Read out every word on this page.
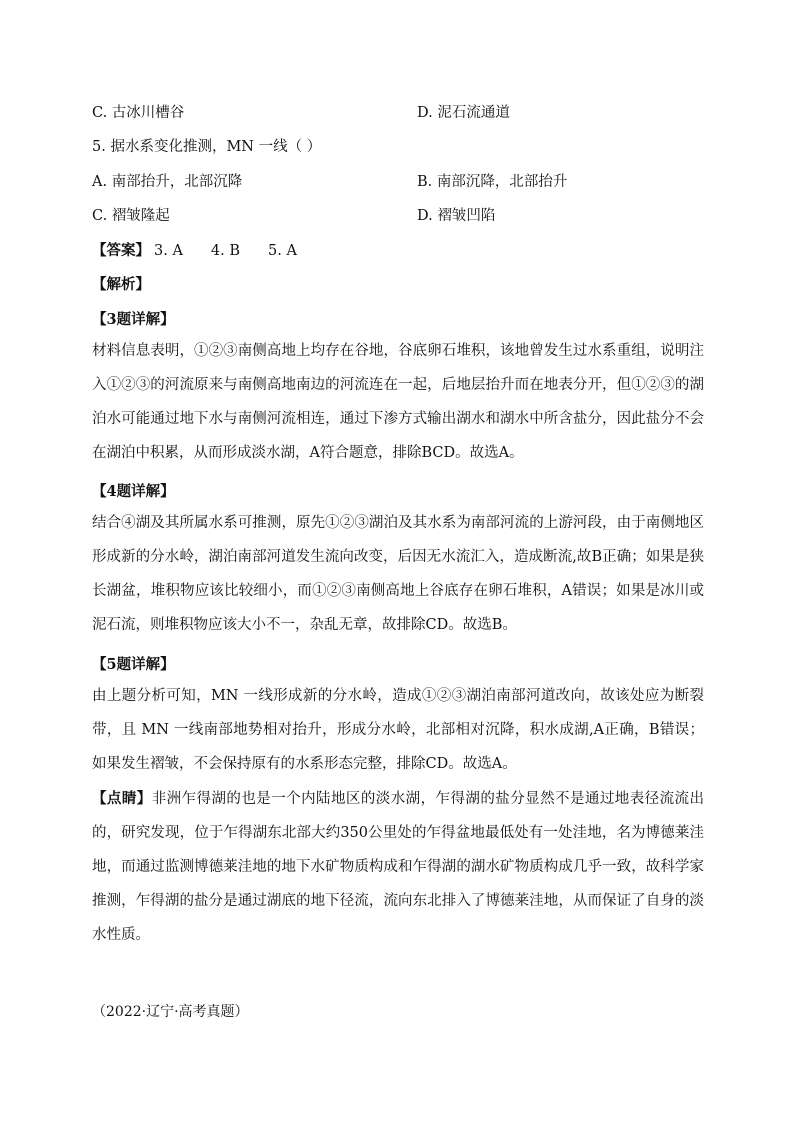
C. 古冰川槽谷	D. 泥石流通道
5. 据水系变化推测，MN 一线（ ）
A. 南部抬升，北部沉降	B. 南部沉降，北部抬升
C. 褶皱隆起	D. 褶皱凹陷
【答案】 3. A 4. B 5. A
【解析】
【3题详解】
材料信息表明，①②③南侧高地上均存在谷地，谷底卵石堆积，该地曾发生过水系重组，说明注入①②③的河流原来与南侧高地南边的河流连在一起，后地层抬升而在地表分开，但①②③的湖泊水可能通过地下水与南侧河流相连，通过下渗方式输出湖水和湖水中所含盐分，因此盐分不会在湖泊中积累，从而形成淡水湖，A符合题意，排除BCD。故选A。
【4题详解】
结合④湖及其所属水系可推测，原先①②③湖泊及其水系为南部河流的上游河段，由于南侧地区形成新的分水岭，湖泊南部河道发生流向改变，后因无水流汇入，造成断流,故B正确；如果是狭长湖盆，堆积物应该比较细小，而①②③南侧高地上谷底存在卵石堆积，A错误；如果是冰川或泥石流，则堆积物应该大小不一，杂乱无章，故排除CD。故选B。
【5题详解】
由上题分析可知，MN 一线形成新的分水岭，造成①②③湖泊南部河道改向，故该处应为断裂带，且 MN 一线南部地势相对抬升，形成分水岭，北部相对沉降，积水成湖,A正确，B错误；如果发生褶皱，不会保持原有的水系形态完整，排除CD。故选A。
【点睛】非洲乍得湖的也是一个内陆地区的淡水湖，乍得湖的盐分显然不是通过地表径流流出的，研究发现，位于乍得湖东北部大约350公里处的乍得盆地最低处有一处洼地，名为博德莱洼地，而通过监测博德莱洼地的地下水矿物质构成和乍得湖的湖水矿物质构成几乎一致，故科学家推测，乍得湖的盐分是通过湖底的地下径流，流向东北排入了博德莱洼地，从而保证了自身的淡水性质。
（2022·辽宁·高考真题）
